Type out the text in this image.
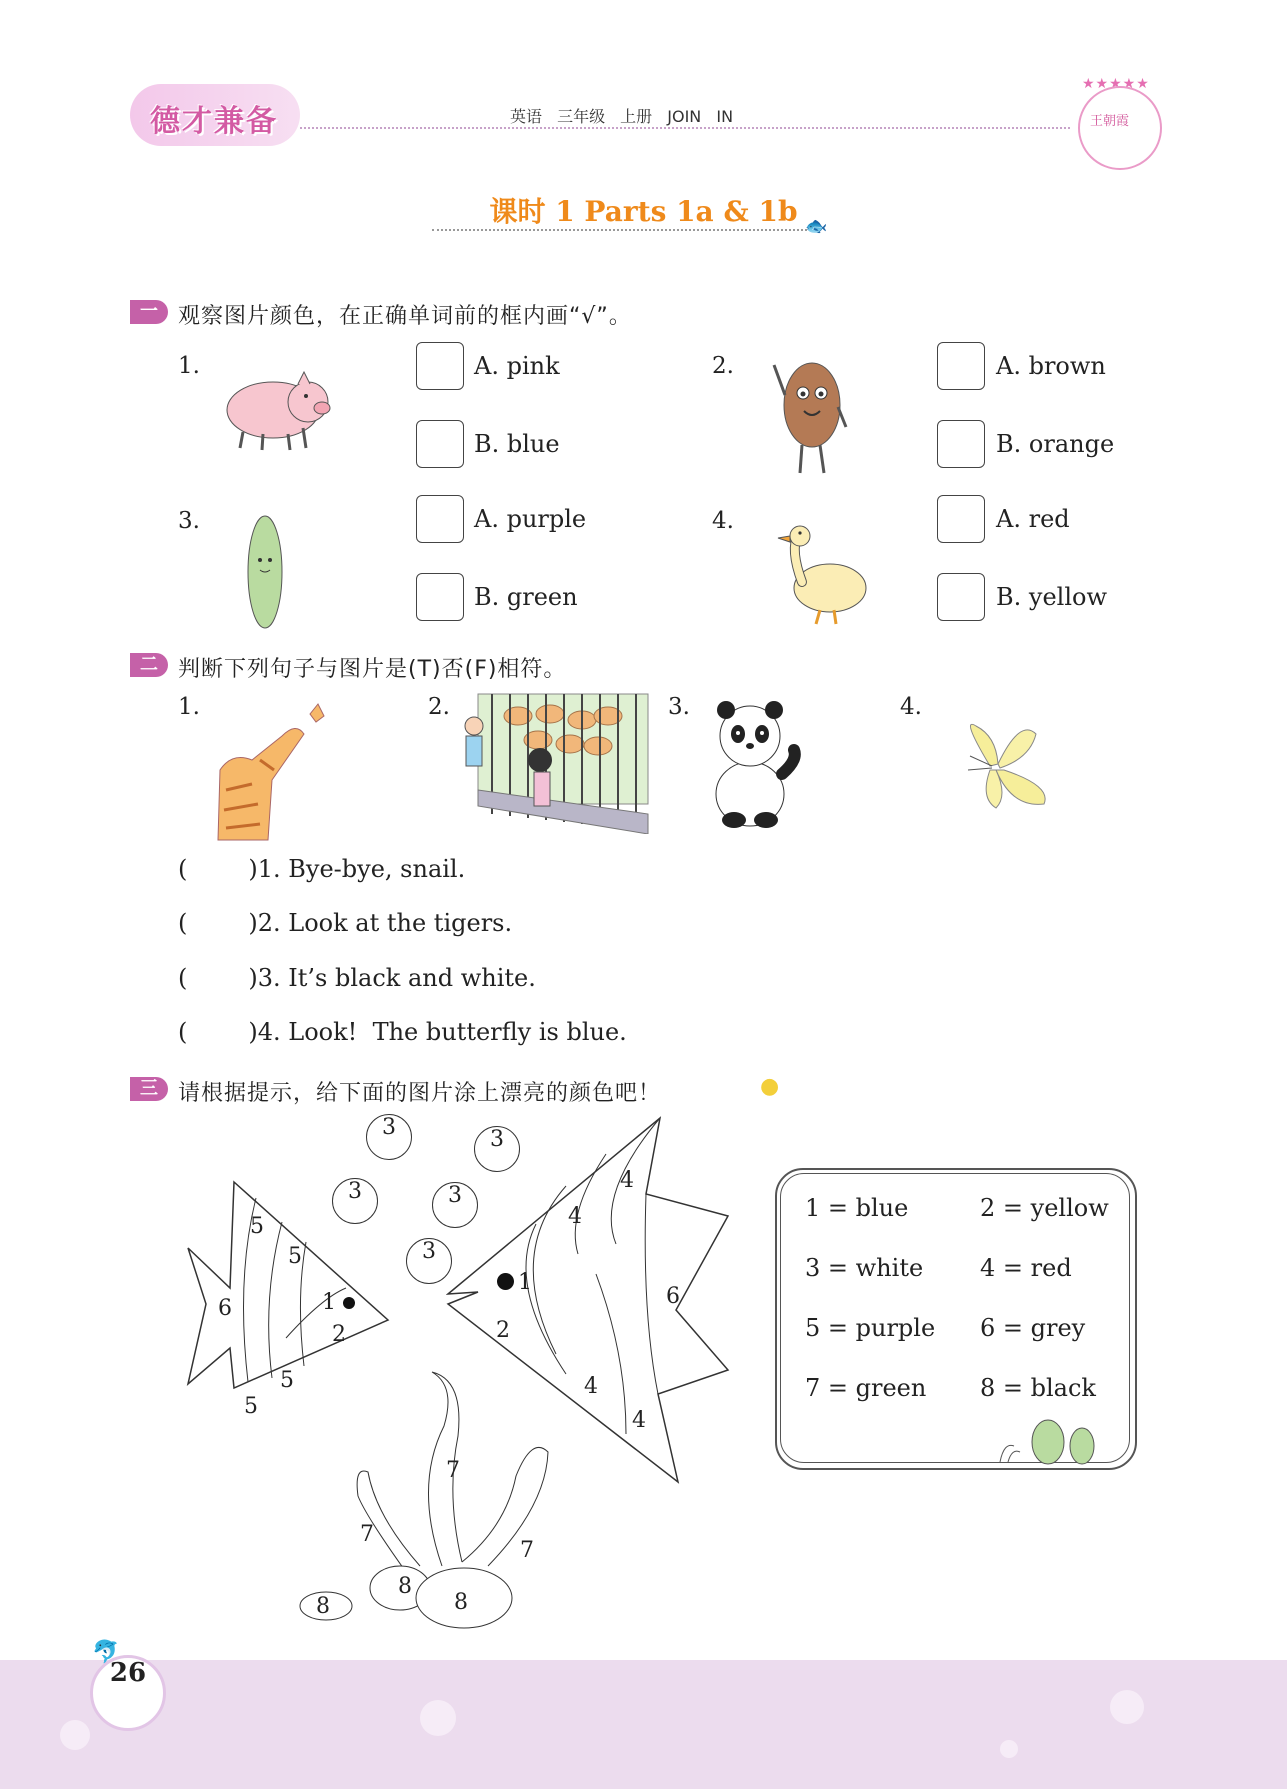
德才兼备	英语 三年级 上册 JOIN IN
★★★★★
王朝霞
课时 1 Parts 1a & 1b 🐟
一 观察图片颜色，在正确单词前的框内画“√”。
1.	A. pink
B. blue
2.	A. brown
B. orange
3.	A. purple
B. green
4.	A. red
B. yellow
二 判断下列句子与图片是(T)否(F)相符。
1.	2.	3.	4.
(        )1. Bye-bye, snail.
(        )2. Look at the tigers.
(        )3. It’s black and white.
(        )4. Look!  The butterfly is blue.
三 请根据提示，给下面的图片涂上漂亮的颜色吧！	●
3	3
3	3
3
5
5
6	1
2
5
5
4
4
1
6
2
4
4
7
7
7
8
8
8
1 = blue	2 = yellow
3 = white 4 = red
5 = purple 6 = grey
7 = green 8 = black
26
🐬
